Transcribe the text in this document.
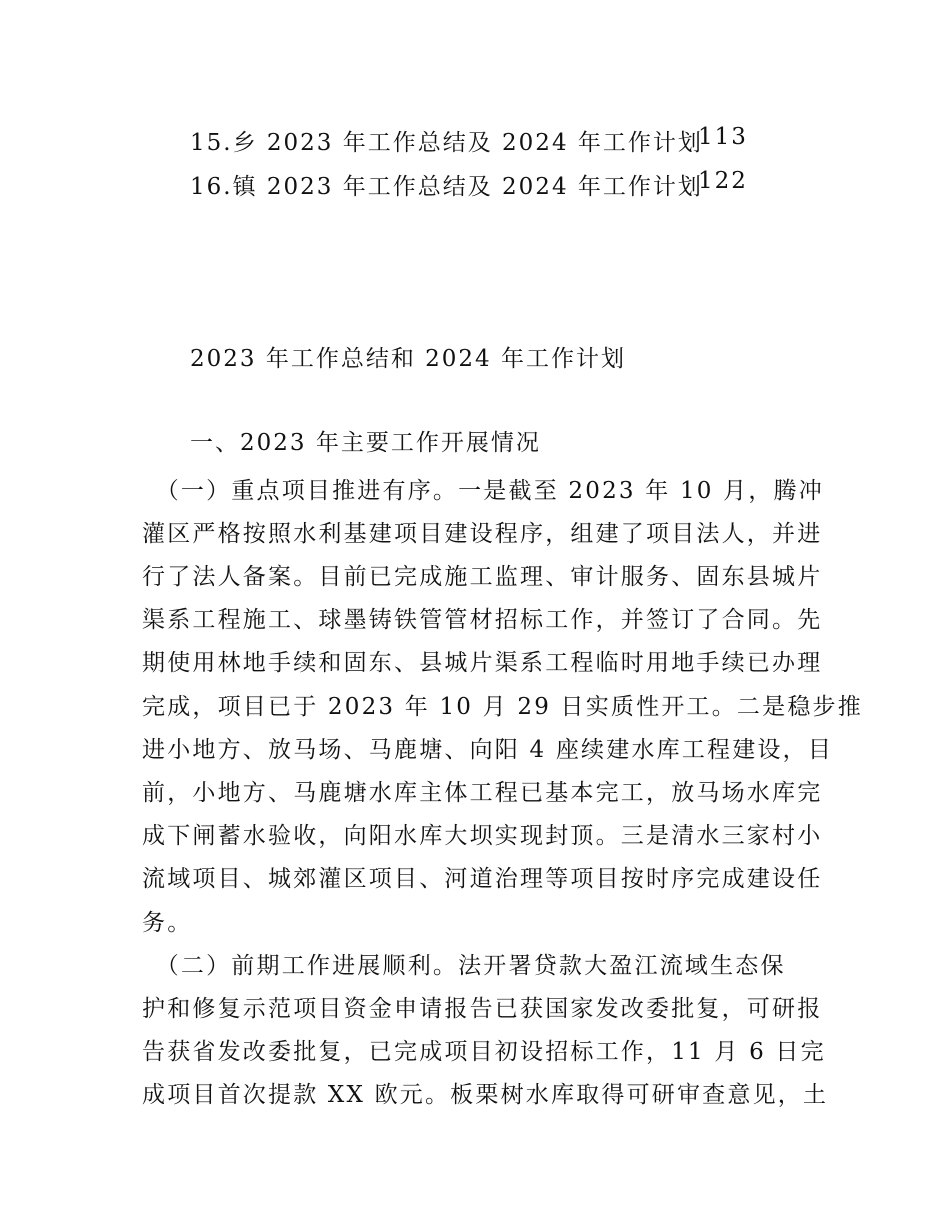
15.乡 2023 年工作总结及 2024 年工作计划
113
16.镇 2023 年工作总结及 2024 年工作计划
122
2023 年工作总结和 2024 年工作计划
一、2023 年主要工作开展情况
　（一）重点项目推进有序。一是截至 2023 年 10 月，腾冲
灌区严格按照水利基建项目建设程序，组建了项目法人，并进
行了法人备案。目前已完成施工监理、审计服务、固东县城片
渠系工程施工、球墨铸铁管管材招标工作，并签订了合同。先
期使用林地手续和固东、县城片渠系工程临时用地手续已办理
完成，项目已于 2023 年 10 月 29 日实质性开工。二是稳步推
进小地方、放马场、马鹿塘、向阳 4 座续建水库工程建设，目
前，小地方、马鹿塘水库主体工程已基本完工，放马场水库完
成下闸蓄水验收，向阳水库大坝实现封顶。三是清水三家村小
流域项目、城郊灌区项目、河道治理等项目按时序完成建设任
务。
　（二）前期工作进展顺利。法开署贷款大盈江流域生态保
护和修复示范项目资金申请报告已获国家发改委批复，可研报
告获省发改委批复，已完成项目初设招标工作，11 月 6 日完
成项目首次提款 XX 欧元。板栗树水库取得可研审查意见，土
